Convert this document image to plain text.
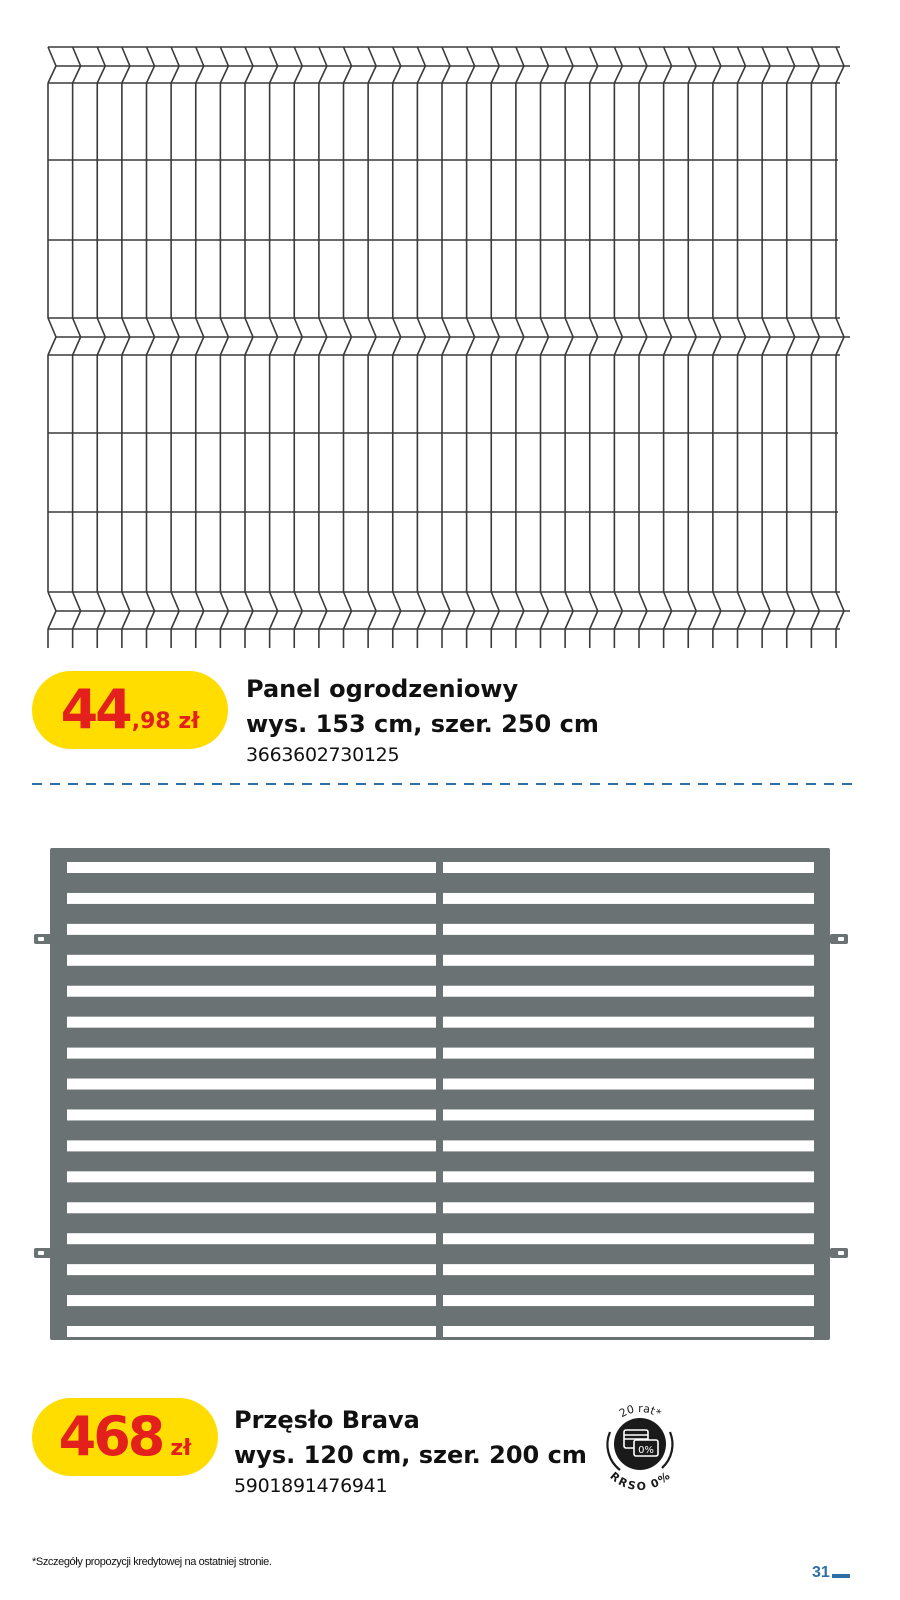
44 ,98 zł
Panel ogrodzeniowy
wys. 153 cm, szer. 250 cm
3663602730125
468 zł
Przęsło Brava
wys. 120 cm, szer. 200 cm
5901891476941
0%
20 rat*
RRSO 0%
*Szczegóły propozycji kredytowej na ostatniej stronie.
31
